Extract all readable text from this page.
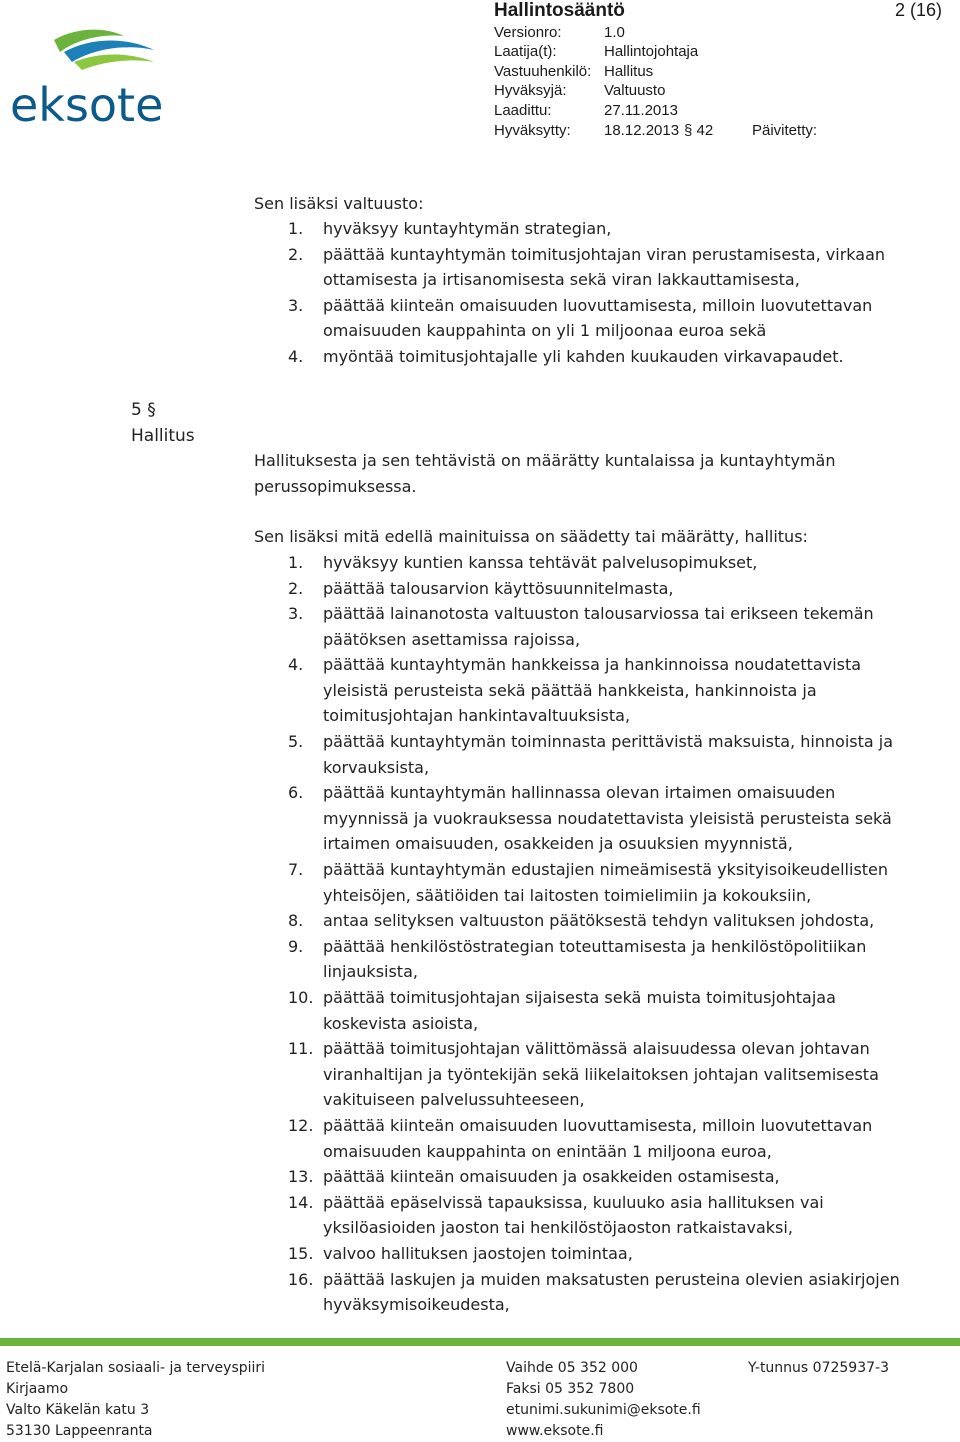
eksote
Hallintosääntö	2 (16)
Versionro:	1.0
Laatija(t):	Hallintojohtaja
Vastuuhenkilö: Hallitus
Hyväksyjä: Valtuusto
Laadittu:	27.11.2013
Hyväksytty: 18.12.2013 § 42	Päivitetty:
Sen lisäksi valtuusto:
1. hyväksyy kuntayhtymän strategian,
2. päättää kuntayhtymän toimitusjohtajan viran perustamisesta, virkaan
ottamisesta ja irtisanomisesta sekä viran lakkauttamisesta,
3. päättää kiinteän omaisuuden luovuttamisesta, milloin luovutettavan
omaisuuden kauppahinta on yli 1 miljoonaa euroa sekä
4. myöntää toimitusjohtajalle yli kahden kuukauden virkavapaudet.
5 §
Hallitus
Hallituksesta ja sen tehtävistä on määrätty kuntalaissa ja kuntayhtymän
perussopimuksessa.
Sen lisäksi mitä edellä mainituissa on säädetty tai määrätty, hallitus:
1. hyväksyy kuntien kanssa tehtävät palvelusopimukset,
2. päättää talousarvion käyttösuunnitelmasta,
3. päättää lainanotosta valtuuston talousarviossa tai erikseen tekemän
päätöksen asettamissa rajoissa,
4. päättää kuntayhtymän hankkeissa ja hankinnoissa noudatettavista
yleisistä perusteista sekä päättää hankkeista, hankinnoista ja
toimitusjohtajan hankintavaltuuksista,
5. päättää kuntayhtymän toiminnasta perittävistä maksuista, hinnoista ja
korvauksista,
6. päättää kuntayhtymän hallinnassa olevan irtaimen omaisuuden
myynnissä ja vuokrauksessa noudatettavista yleisistä perusteista sekä
irtaimen omaisuuden, osakkeiden ja osuuksien myynnistä,
7. päättää kuntayhtymän edustajien nimeämisestä yksityisoikeudellisten
yhteisöjen, säätiöiden tai laitosten toimielimiin ja kokouksiin,
8. antaa selityksen valtuuston päätöksestä tehdyn valituksen johdosta,
9. päättää henkilöstöstrategian toteuttamisesta ja henkilöstöpolitiikan
linjauksista,
10. päättää toimitusjohtajan sijaisesta sekä muista toimitusjohtajaa
koskevista asioista,
11. päättää toimitusjohtajan välittömässä alaisuudessa olevan johtavan
viranhaltijan ja työntekijän sekä liikelaitoksen johtajan valitsemisesta
vakituiseen palvelussuhteeseen,
12. päättää kiinteän omaisuuden luovuttamisesta, milloin luovutettavan
omaisuuden kauppahinta on enintään 1 miljoona euroa,
13. päättää kiinteän omaisuuden ja osakkeiden ostamisesta,
14. päättää epäselvissä tapauksissa, kuuluuko asia hallituksen vai
yksilöasioiden jaoston tai henkilöstöjaoston ratkaistavaksi,
15. valvoo hallituksen jaostojen toimintaa,
16. päättää laskujen ja muiden maksatusten perusteina olevien asiakirjojen
hyväksymisoikeudesta,
Etelä-Karjalan sosiaali- ja terveyspiiri
Kirjaamo
Valto Käkelän katu 3
53130 Lappeenranta
Vaihde 05 352 000
Faksi 05 352 7800
etunimi.sukunimi@eksote.fi
www.eksote.fi
Y-tunnus 0725937-3
